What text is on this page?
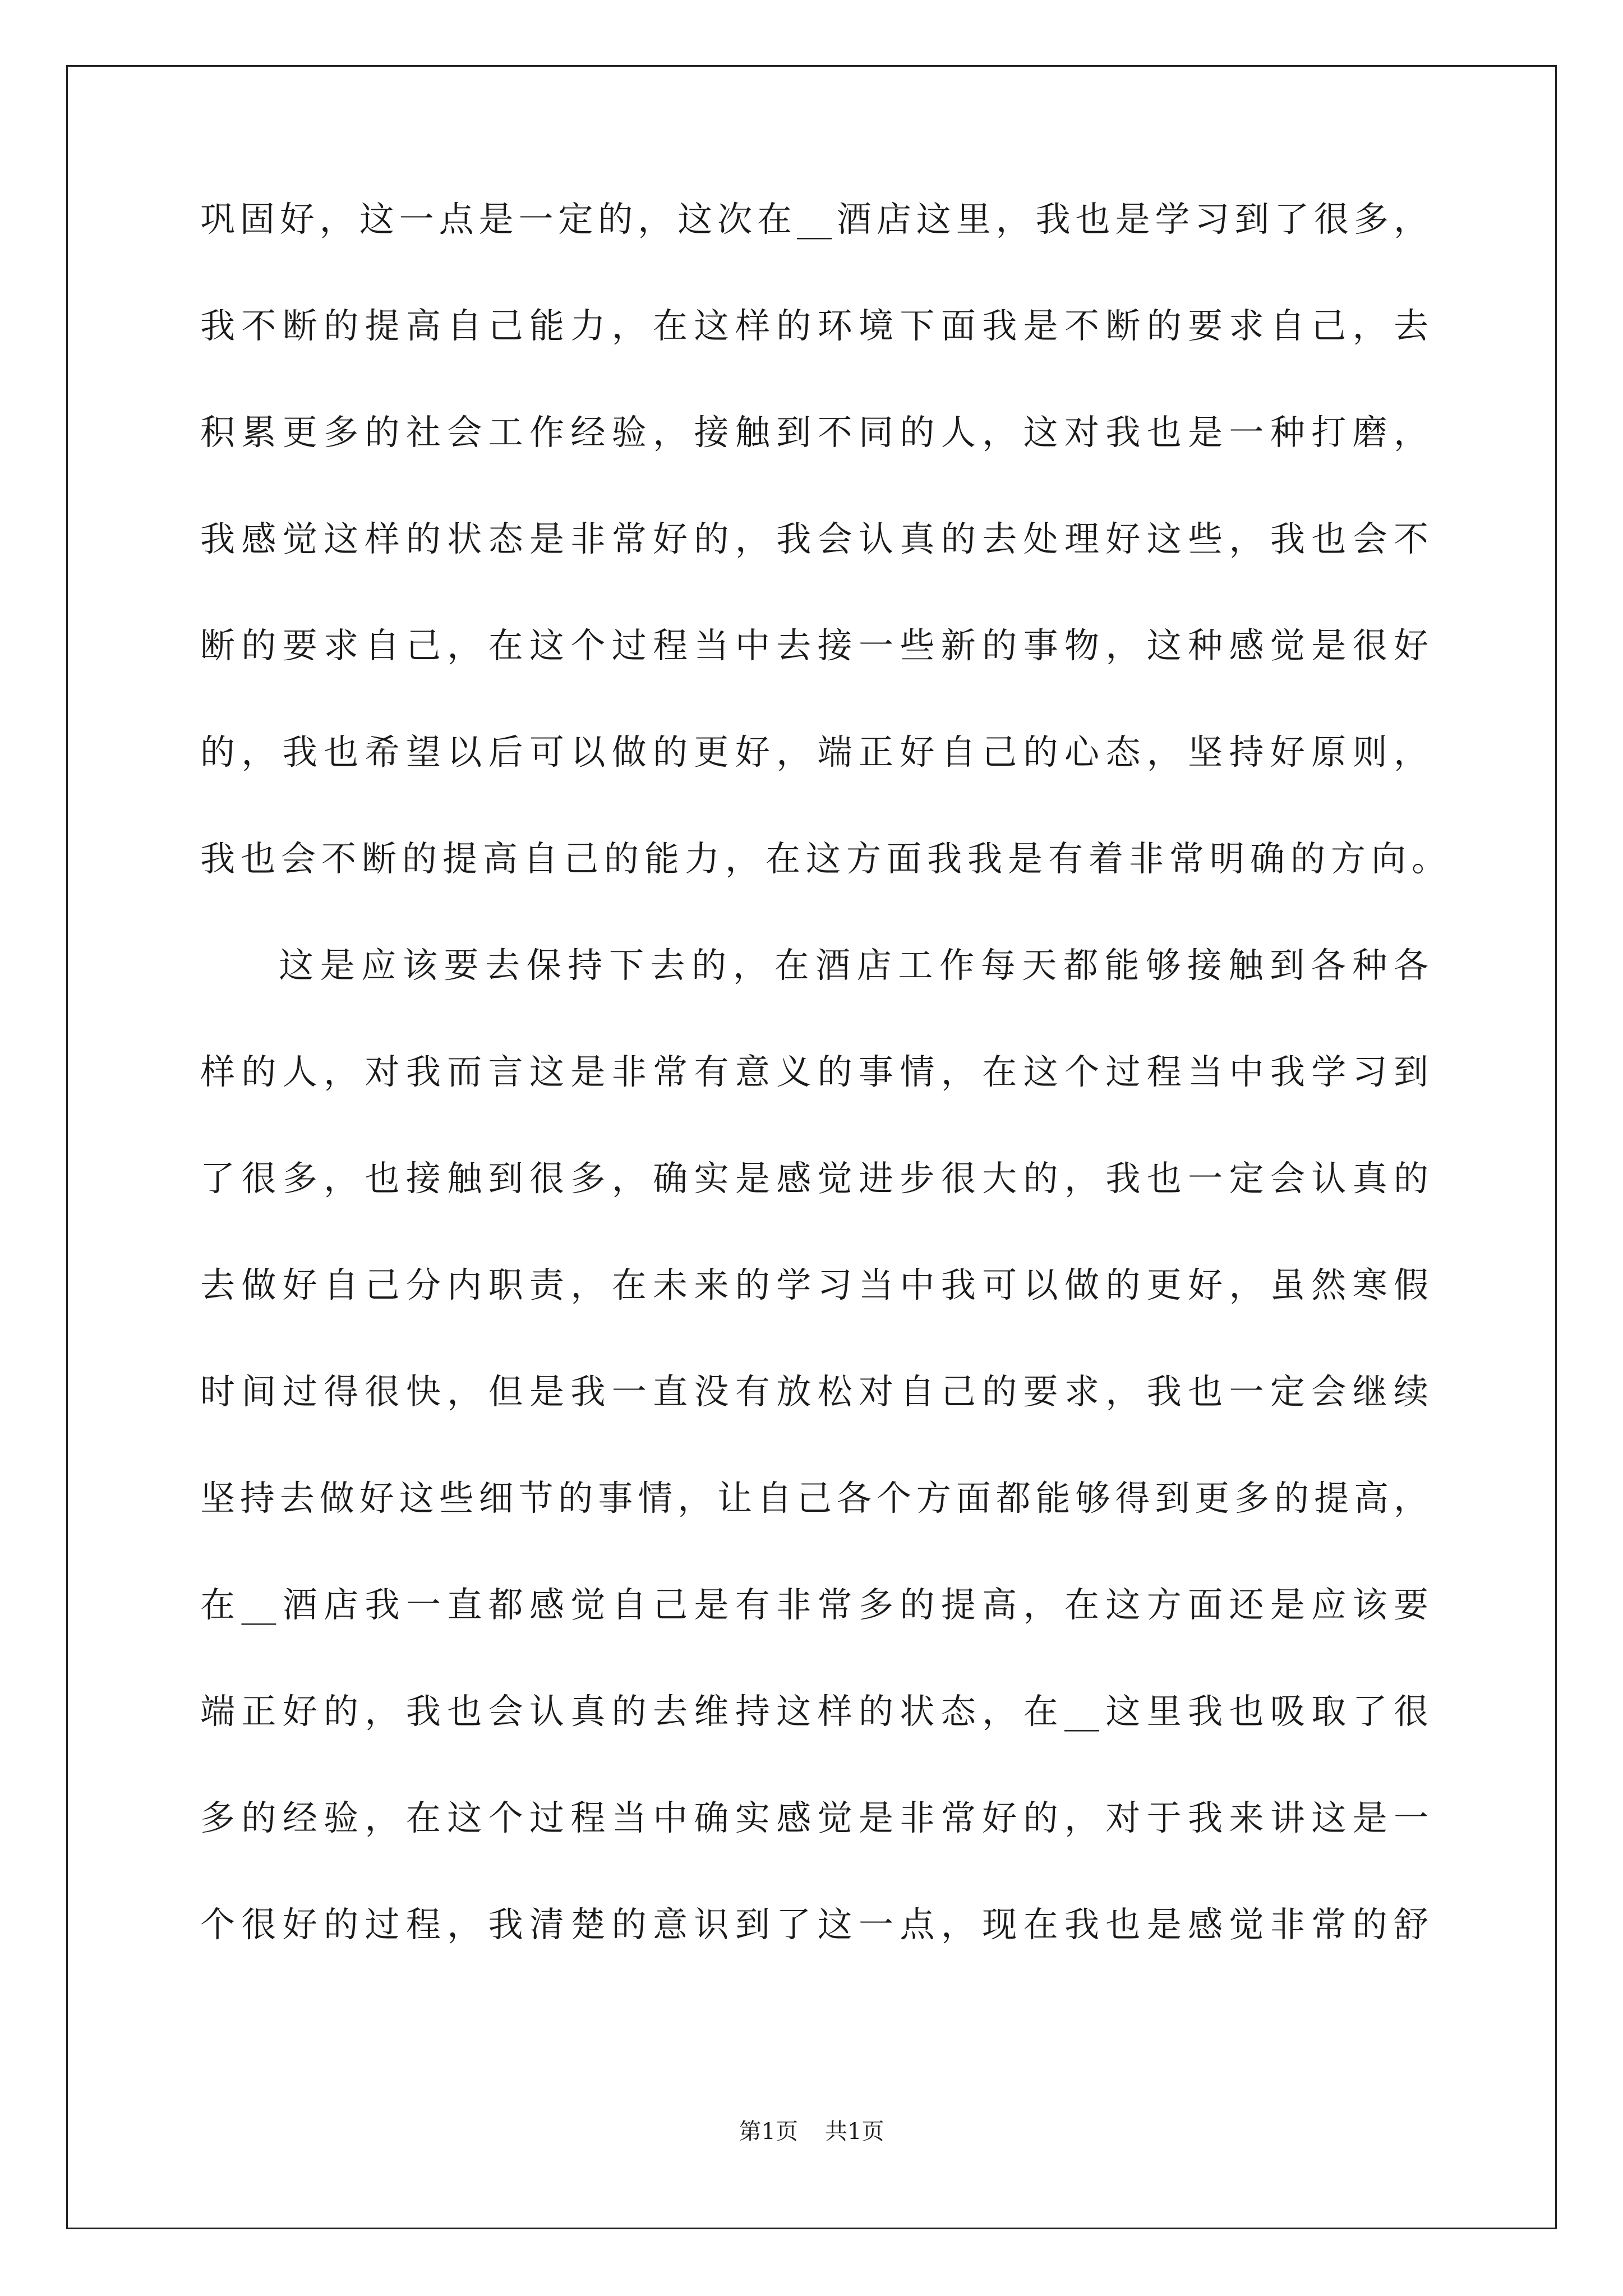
巩固好，这一点是一定的，这次在__酒店这里，我也是学习到了很多，
我不断的提高自己能力，在这样的环境下面我是不断的要求自己，去
积累更多的社会工作经验，接触到不同的人，这对我也是一种打磨，
我感觉这样的状态是非常好的，我会认真的去处理好这些，我也会不
断的要求自己，在这个过程当中去接一些新的事物，这种感觉是很好
的，我也希望以后可以做的更好，端正好自己的心态，坚持好原则，
我也会不断的提高自己的能力，在这方面我我是有着非常明确的方向。
这是应该要去保持下去的，在酒店工作每天都能够接触到各种各
样的人，对我而言这是非常有意义的事情，在这个过程当中我学习到
了很多，也接触到很多，确实是感觉进步很大的，我也一定会认真的
去做好自己分内职责，在未来的学习当中我可以做的更好，虽然寒假
时间过得很快，但是我一直没有放松对自己的要求，我也一定会继续
坚持去做好这些细节的事情，让自己各个方面都能够得到更多的提高，
在__酒店我一直都感觉自己是有非常多的提高，在这方面还是应该要
端正好的，我也会认真的去维持这样的状态，在__这里我也吸取了很
多的经验，在这个过程当中确实感觉是非常好的，对于我来讲这是一
个很好的过程，我清楚的意识到了这一点，现在我也是感觉非常的舒
第1页 共1页
